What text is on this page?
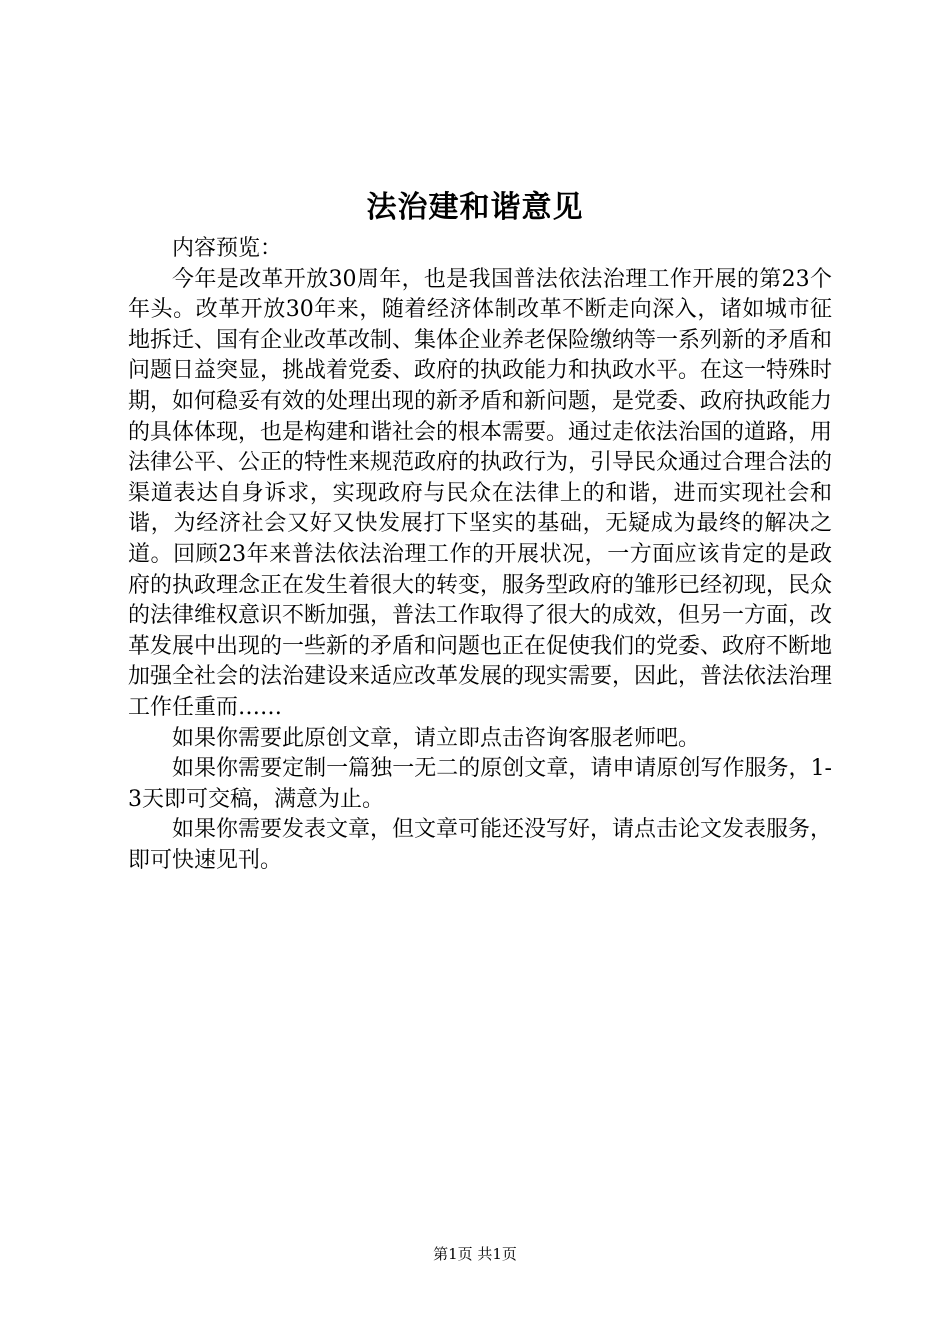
法治建和谐意见

内容预览：

今年是改革开放30周年，也是我国普法依法治理工作开展的第23个年头。改革开放30年来，随着经济体制改革不断走向深入，诸如城市征地拆迁、国有企业改革改制、集体企业养老保险缴纳等一系列新的矛盾和问题日益突显，挑战着党委、政府的执政能力和执政水平。在这一特殊时期，如何稳妥有效的处理出现的新矛盾和新问题，是党委、政府执政能力的具体体现，也是构建和谐社会的根本需要。通过走依法治国的道路，用法律公平、公正的特性来规范政府的执政行为，引导民众通过合理合法的渠道表达自身诉求，实现政府与民众在法律上的和谐，进而实现社会和谐，为经济社会又好又快发展打下坚实的基础，无疑成为最终的解决之道。回顾23年来普法依法治理工作的开展状况，一方面应该肯定的是政府的执政理念正在发生着很大的转变，服务型政府的雏形已经初现，民众的法律维权意识不断加强，普法工作取得了很大的成效，但另一方面，改革发展中出现的一些新的矛盾和问题也正在促使我们的党委、政府不断地加强全社会的法治建设来适应改革发展的现实需要，因此，普法依法治理工作任重而……

如果你需要此原创文章，请立即点击咨询客服老师吧。

如果你需要定制一篇独一无二的原创文章，请申请原创写作服务，1-3天即可交稿，满意为止。

如果你需要发表文章，但文章可能还没写好，请点击论文发表服务，即可快速见刊。

第1页 共1页
